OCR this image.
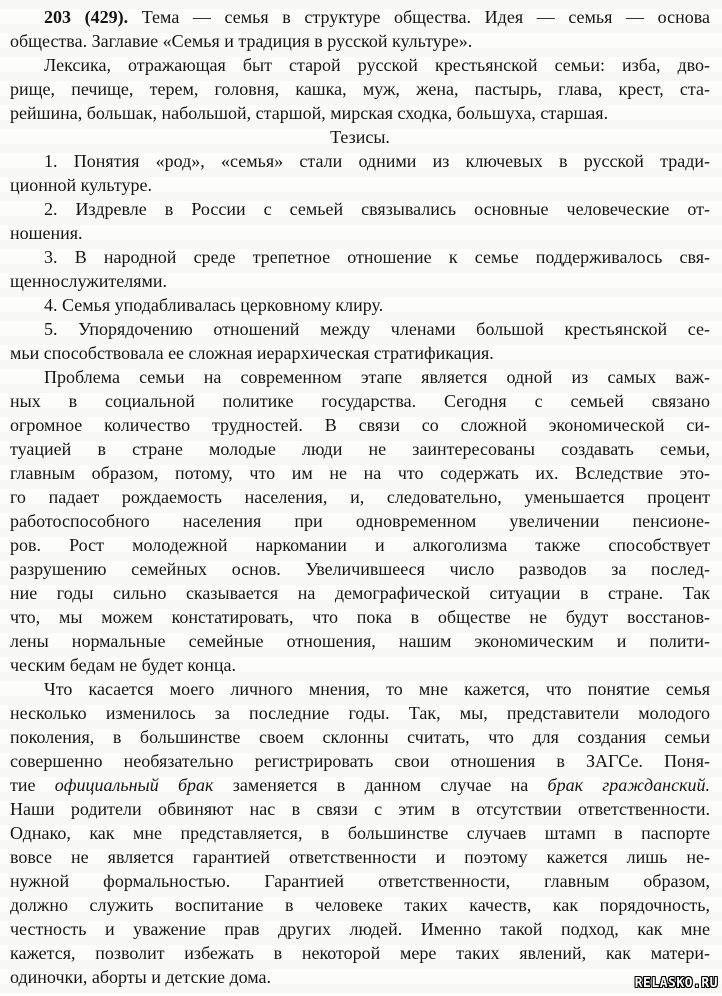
203 (429). Тема — семья в структуре общества. Идея — семья — основа
общества. Заглавие «Семья и традиция в русской культуре».
Лексика, отражающая быт старой русской крестьянской семьи: изба, дво-
рище, печище, терем, головня, кашка, муж, жена, пастырь, глава, крест, ста-
рейшина, большак, набольшой, старшой, мирская сходка, большуха, старшая.
Тезисы.
1. Понятия «род», «семья» стали одними из ключевых в русской тради-
ционной культуре.
2. Издревле в России с семьей связывались основные человеческие от-
ношения.
3. В народной среде трепетное отношение к семье поддерживалось свя-
щеннослужителями.
4. Семья уподабливалась церковному клиру.
5. Упорядочению отношений между членами большой крестьянской се-
мьи способствовала ее сложная иерархическая стратификация.
Проблема семьи на современном этапе является одной из самых важ-
ных в социальной политике государства. Сегодня с семьей связано
огромное количество трудностей. В связи со сложной экономической си-
туацией в стране молодые люди не заинтересованы создавать семьи,
главным образом, потому, что им не на что содержать их. Вследствие это-
го падает рождаемость населения, и, следовательно, уменьшается процент
работоспособного населения при одновременном увеличении пенсионе-
ров. Рост молодежной наркомании и алкоголизма также способствует
разрушению семейных основ. Увеличившееся число разводов за послед-
ние годы сильно сказывается на демографической ситуации в стране. Так
что, мы можем констатировать, что пока в обществе не будут восстанов-
лены нормальные семейные отношения, нашим экономическим и полити-
ческим бедам не будет конца.
Что касается моего личного мнения, то мне кажется, что понятие семья
несколько изменилось за последние годы. Так, мы, представители молодого
поколения, в большинстве своем склонны считать, что для создания семьи
совершенно необязательно регистрировать свои отношения в ЗАГСе. Поня-
тие официальный брак заменяется в данном случае на брак гражданский.
Наши родители обвиняют нас в связи с этим в отсутствии ответственности.
Однако, как мне представляется, в большинстве случаев штамп в паспорте
вовсе не является гарантией ответственности и поэтому кажется лишь не-
нужной формальностью. Гарантией ответственности, главным образом,
должно служить воспитание в человеке таких качеств, как порядочность,
честность и уважение прав других людей. Именно такой подход, как мне
кажется, позволит избежать в некоторой мере таких явлений, как матери-
одиночки, аборты и детские дома.	RELASKO.RU
